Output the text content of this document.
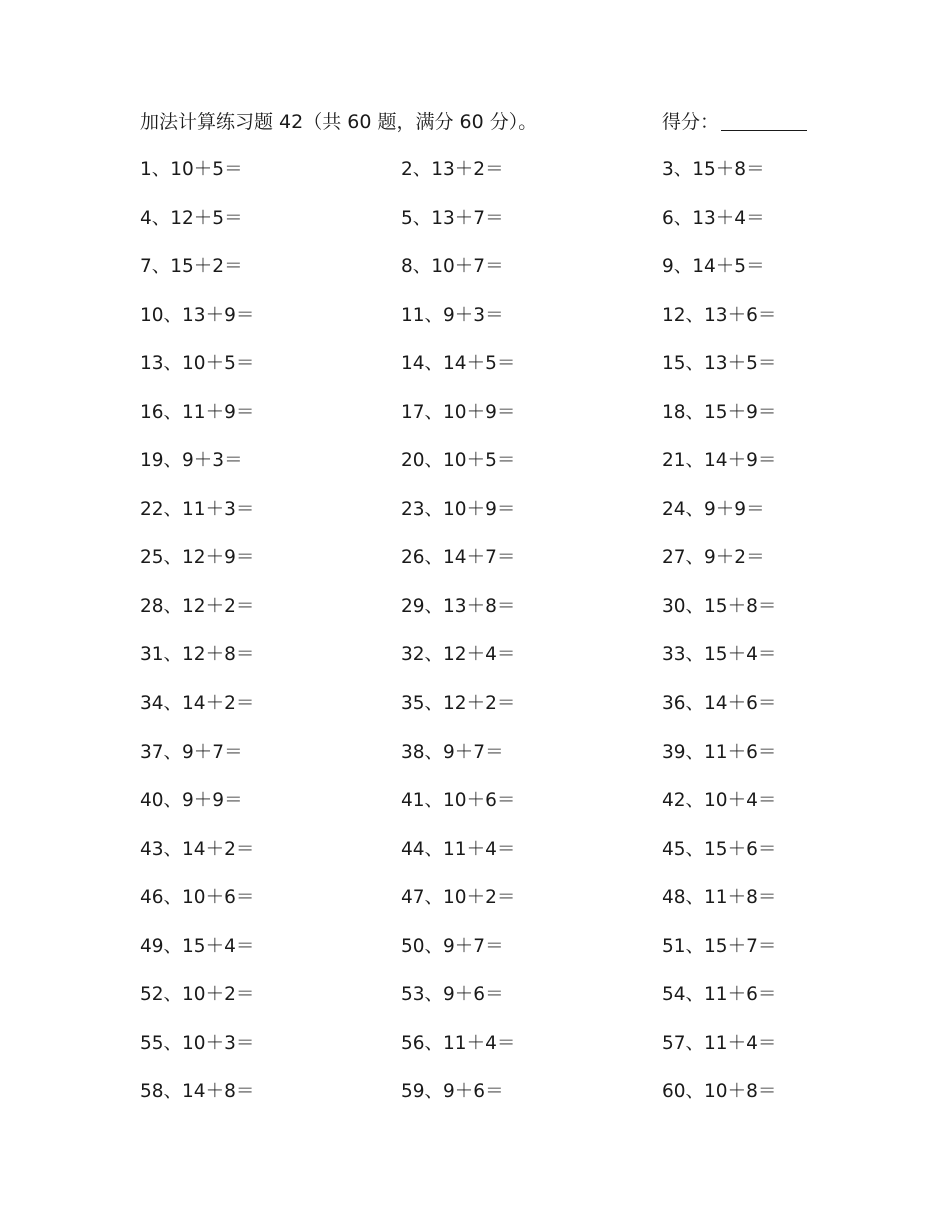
加法计算练习题 42（共 60 题，满分 60 分）。	得分：
1、10＋5＝	2、13＋2＝	3、15＋8＝
4、12＋5＝	5、13＋7＝	6、13＋4＝
7、15＋2＝	8、10＋7＝	9、14＋5＝
10、13＋9＝	11、9＋3＝	12、13＋6＝
13、10＋5＝	14、14＋5＝	15、13＋5＝
16、11＋9＝	17、10＋9＝	18、15＋9＝
19、9＋3＝	20、10＋5＝	21、14＋9＝
22、11＋3＝	23、10＋9＝	24、9＋9＝
25、12＋9＝	26、14＋7＝	27、9＋2＝
28、12＋2＝	29、13＋8＝	30、15＋8＝
31、12＋8＝	32、12＋4＝	33、15＋4＝
34、14＋2＝	35、12＋2＝	36、14＋6＝
37、9＋7＝	38、9＋7＝	39、11＋6＝
40、9＋9＝	41、10＋6＝	42、10＋4＝
43、14＋2＝	44、11＋4＝	45、15＋6＝
46、10＋6＝	47、10＋2＝	48、11＋8＝
49、15＋4＝	50、9＋7＝	51、15＋7＝
52、10＋2＝	53、9＋6＝	54、11＋6＝
55、10＋3＝	56、11＋4＝	57、11＋4＝
58、14＋8＝	59、9＋6＝	60、10＋8＝
